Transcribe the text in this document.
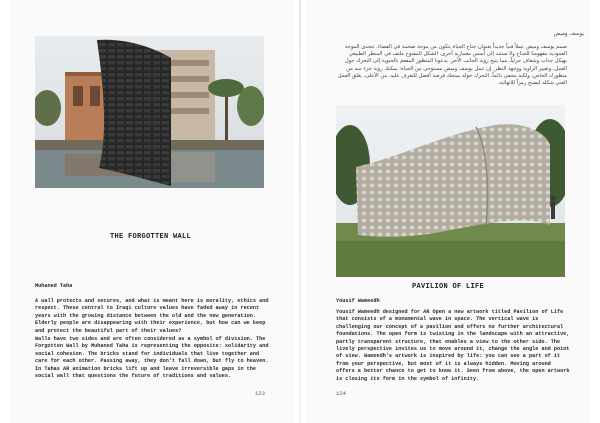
THE FORGOTTEN WALL
Muhaned Taha

A wall protects and secures, and what is meant here is morality, ethics and respect. These central to Iraqi culture values have faded away in recent years with the growing distance between the old and the new generation. Elderly people are disappearing with their experience, but how can we keep and protect the beautiful part of their values?

Walls have two sides and are often considered as a symbol of division. The Forgotten Wall by Muhaned Taha is representing the opposite: solidarity and social cohesion. The bricks stand for individuals that live together and care for each other. Passing away, they don't fall down, but fly to heaven. In Tahas AR animation bricks lift up and leave irreversible gaps in the social wall that questions the future of traditions and values.

123
يوسف وميض

صمم يوسف وميض عملاً فنياً جديداً بعنوان جناح الحياة يتكون من موجة ضخمة في الفضاء. تتحدى الموجة العمودية مفهومنا للجناح ولا تستند إلى أسس معمارية أخرى. الشكل المفتوح ملتف في المنظر الطبيعي بهيكل جذاب وشفاف جزئياً، مما يتيح رؤية الجانب الآخر. يدعونا المنظور المفعم بالحيوية إلى التحرك حول العمل، وتغيير الزاوية ووجهة النظر. إن عمل يوسف وميض مستوحى من الحياة: يمكنك رؤية جزء منه من منظورك الخاص، ولكنه مخفي دائماً. التحرك حوله يمنحك فرصة أفضل للتعرف عليه. من الأعلى، يغلق العمل الفني شكله ليصبح رمزاً للانهائية.

PAVILION OF LIFE
Yousif Wameedh

Yousif Wameedh designed for AR Open a new artwork titled Pavilion of Life that consists of a monumental wave in space. The vertical wave is challenging our concept of a pavilion and offers no further architectural foundations. The open form is twisting in the landscape with an attractive, partly transparent structure, that enables a view to the other side. The lively perspective invites us to move around it, change the angle and point of view. Wameedh's artwork is inspired by life: you can see a part of it from your perspective, but most of it is always hidden. Moving around offers a better chance to get to know it. Seen from above, the open artwork is closing its form in the symbol of infinity.

124
